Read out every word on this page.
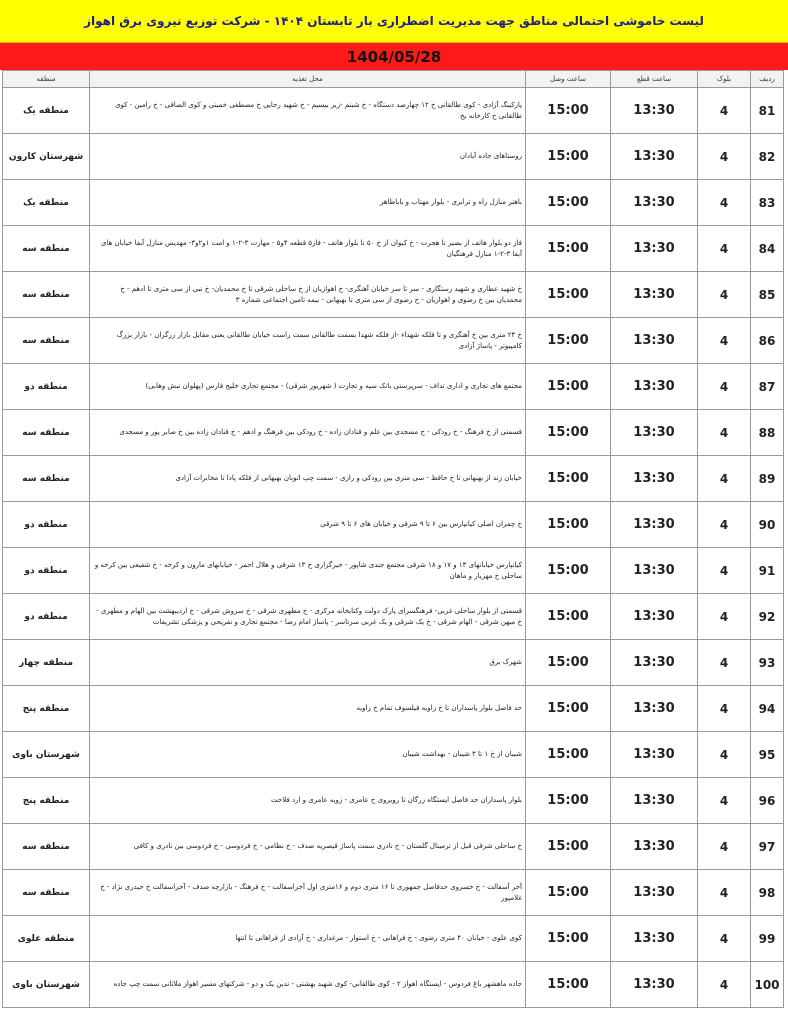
لیست خاموشی احتمالی مناطق جهت مدیریت اضطراری بار تابستان ۱۴۰۴ - شرکت توزیع نیروی برق اهواز
1404/05/28
ردیف	بلوک	ساعت قطع	ساعت وصل	محل تغذیه	منطقه
81	4	13:30	15:00	پارکینگ آزادی - کوی طالقانی خ ۱۲ چهارصد دستگاه - خ شبنم -زیر بیسیم - خ شهید رجایی خ مصطفی خمینی و کوی الصاقی - خ رامین - کوی طالقانی خ کارخانه یخ	منطقه یک
82	4	13:30	15:00	روستاهای جاده آبادان	شهرستان کارون
83	4	13:30	15:00	باهنر منازل راه و ترابری - بلوار مهتاب و باباطاهر	منطقه یک
84	4	13:30	15:00	فاز دو بلوار هاتف از بصیر تا هجرت - خ کیوان از خ ۵۰ تا بلوار هاتف - فاز۵ قطعه ۴و۵ - مهارت ۳-۲-۱ و امت ۱و۲و۳- مهدیس منازل آبفا خیابان های آبفا ۳-۲-۱ منازل فرهنگیان	منطقه سه
85	4	13:30	15:00	خ شهید عطاری و شهید رستگاری - سر تا سر خیابان آهنگری- خ اهوازیان از خ ساحلی شرقی تا خ محمدیان- خ نبی از سی متری تا ادهم - خ محمدیان بین خ رضوی و اهوازیان - خ رضوی از سی متری تا بهبهانی - بیمه تامین اجتماعی شماره ۳	منطقه سه
86	4	13:30	15:00	خ ۲۴ متری بین خ آهنگری و تا فلکه شهداء -از فلکه شهدا بسمت طالقانی سمت راست خیابان طالقانی یعنی مقابل بازار زرگران - بازار بزرگ کامپیوتر - پاساژ آزادی	منطقه سه
87	4	13:30	15:00	مجتمع های تجاری و اداری تداف - سرپرستی بانک سپه و تجارت ( شهریور شرقی) - مجتمع تجاری خلیج فارس (پهلوان نبش وهابی)	منطقه دو
88	4	13:30	15:00	قسمتی از خ فرهنگ - خ رودکی - خ مسجدی بین علم و قنادان زاده - خ رودکی بین فرهنگ و ادهم - خ قنادان زاده بین خ صابر پور و مسجدی	منطقه سه
89	4	13:30	15:00	خیابان زند از بهبهانی تا خ حافظ - سی متری بین رودکی و رازی - سمت چپ اتوبان بهبهانی از فلکه پادا تا مخابرات آزادی	منطقه سه
90	4	13:30	15:00	خ چمران اصلی کیانپارس بین ۶ تا ۹ شرقی و خیابان های ۶ تا ۹ شرقی	منطقه دو
91	4	13:30	15:00	کیانپارس خیابانهای ۱۳ و ۱۷ و ۱۸ شرقی مجتمع جندی شاپور - خیرگزاری خ ۱۳ شرقی و هلال احمر - خیابانهای مارون و کرخه - خ شفیعی بین کرخه و ساحلی خ مهزیار و ماهان	منطقه دو
92	4	13:30	15:00	قسمتی از بلوار ساحلی غربی- فرهنگسرای پارک دولت وکتابخانه مرکزی - خ مطهری شرقی - خ سروش شرقی - خ اردیبهشت بین الهام و مطهری - خ میهن شرقی - الهام شرقی - خ یک شرقی و یک غربی سرتاسر - پاساژ امام رضا - مجتمع تجاری و تفریحی و پزشکی تشریفات	منطقه دو
93	4	13:30	15:00	شهرک برق	منطقه چهار
94	4	13:30	15:00	حد فاصل بلوار پاسداران تا خ زاویه فیلسوف تمام خ زاویه	منطقه پنج
95	4	13:30	15:00	شیبان از خ ۱ تا ۳ شیبان - بهداشت شیبان	شهرستان باوی
96	4	13:30	15:00	بلوار پاسداران حد فاصل ایستگاه زرگان تا روبروی خ عامری - زویه عامری و ارد فلاحت	منطقه پنج
97	4	13:30	15:00	خ ساحلی شرقی قبل از ترمینال گلستان - خ نادری سمت پاساژ قیصریه صدف - خ نظامی - خ فردوسی - خ فردوسی بین نادری و کافی	منطقه سه
98	4	13:30	15:00	آخر آسفالت - خ خسروی حدفاصل جمهوری تا ۱۶ متری دوم و ۱۶متری اول آخراسفالت - خ فرهنگ - بازارچه صدف - آخراسفالت خ حیدری نژاد - خ غلامپور	منطقه سه
99	4	13:30	15:00	کوی علوی - خیابان ۴۰ متری رضوی - خ فراهانی - خ استوار - مرغداری - خ آزادی از فراهانی تا انتها	منطقه علوی
100	4	13:30	15:00	جاده ماهشهر باغ فردوس - ایستگاه اهواز ۲ - کوی طالقانی- کوی شهید بهشتی - تدین یک و دو - شرکتهای مسیر اهواز ملاثانی سمت چپ جاده	شهرستان باوی
